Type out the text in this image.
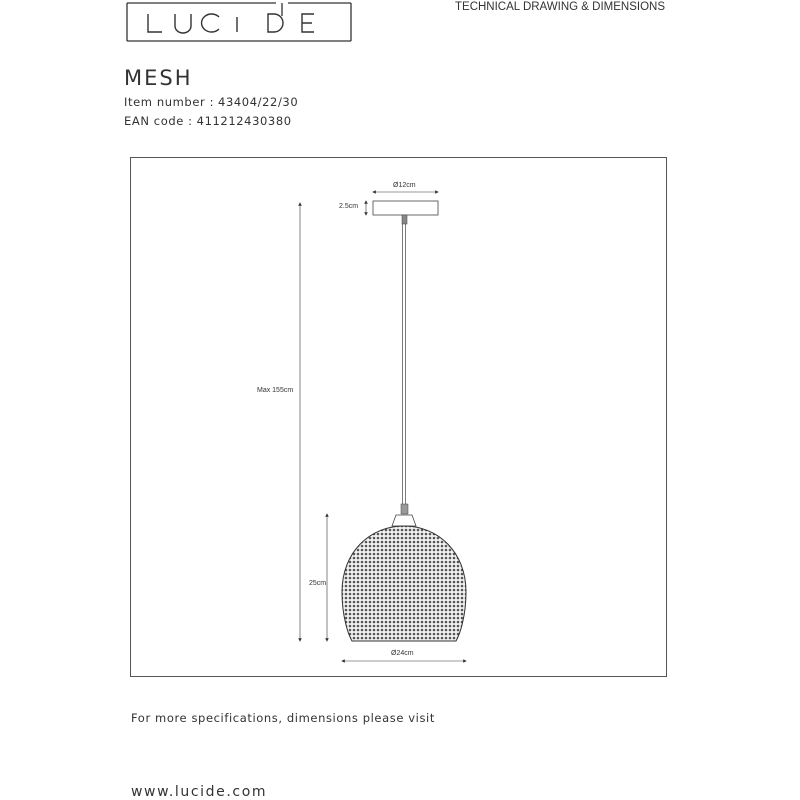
TECHNICAL DRAWING & DIMENSIONS
MESH
Item number : 43404/22/30
EAN code : 411212430380
Ø12cm
2.5cm
Max 155cm
25cm
Ø24cm
For more specifications, dimensions please visit
www.lucide.com
